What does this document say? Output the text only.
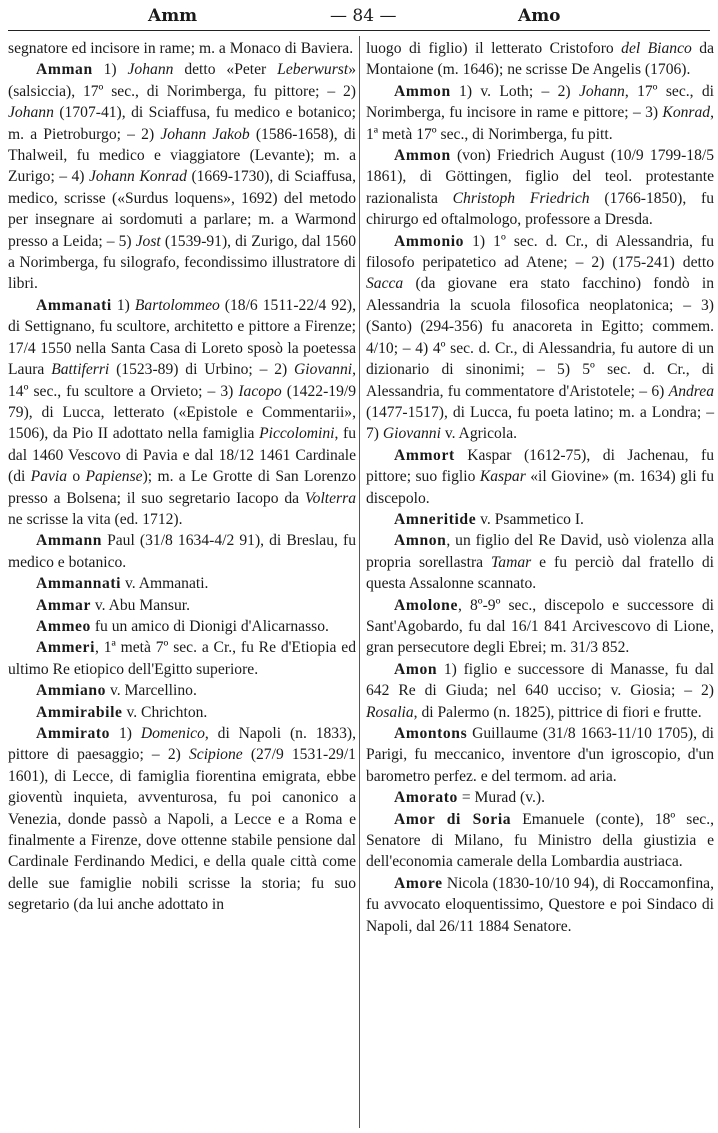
Amm	— 84 —	Amo

segnatore ed incisore in rame; m. a Monaco di Baviera.

Amman 1) Johann detto «Peter Leberwurst» (salsiccia), 17º sec., di Norimberga, fu pittore; – 2) Johann (1707-41), di Sciaffusa, fu medico e botanico; m. a Pietroburgo; – 2) Johann Jakob (1586-1658), di Thalweil, fu medico e viaggiatore (Levante); m. a Zurigo; – 4) Johann Konrad (1669-1730), di Sciaffusa, medico, scrisse («Surdus loquens», 1692) del metodo per insegnare ai sordomuti a parlare; m. a Warmond presso a Leida; – 5) Jost (1539-91), di Zurigo, dal 1560 a Norimberga, fu silografo, fecondissimo illustratore di libri.

Ammanati 1) Bartolommeo (18/6 1511-22/4 92), di Settignano, fu scultore, architetto e pittore a Firenze; 17/4 1550 nella Santa Casa di Loreto sposò la poetessa Laura Battiferri (1523-89) di Urbino; – 2) Giovanni, 14º sec., fu scultore a Orvieto; – 3) Iacopo (1422-19/9 79), di Lucca, letterato («Epistole e Commentarii», 1506), da Pio II adottato nella famiglia Piccolomini, fu dal 1460 Vescovo di Pavia e dal 18/12 1461 Cardinale (di Pavia o Papiense); m. a Le Grotte di San Lorenzo presso a Bolsena; il suo segretario Iacopo da Volterra ne scrisse la vita (ed. 1712).

Ammann Paul (31/8 1634-4/2 91), di Breslau, fu medico e botanico.

Ammannati v. Ammanati.

Ammar v. Abu Mansur.

Ammeo fu un amico di Dionigi d'Alicarnasso.

Ammeri, 1ª metà 7º sec. a Cr., fu Re d'Etiopia ed ultimo Re etiopico dell'Egitto superiore.

Ammiano v. Marcellino.

Ammirabile v. Chrichton.

Ammirato 1) Domenico, di Napoli (n. 1833), pittore di paesaggio; – 2) Scipione (27/9 1531-29/1 1601), di Lecce, di famiglia fiorentina emigrata, ebbe gioventù inquieta, avventurosa, fu poi canonico a Venezia, donde passò a Napoli, a Lecce e a Roma e finalmente a Firenze, dove ottenne stabile pensione dal Cardinale Ferdinando Medici, e della quale città come delle sue famiglie nobili scrisse la storia; fu suo segretario (da lui anche adottato in

luogo di figlio) il letterato Cristoforo del Bianco da Montaione (m. 1646); ne scrisse De Angelis (1706).

Ammon 1) v. Loth; – 2) Johann, 17º sec., di Norimberga, fu incisore in rame e pittore; – 3) Konrad, 1ª metà 17º sec., di Norimberga, fu pitt.

Ammon (von) Friedrich August (10/9 1799-18/5 1861), di Göttingen, figlio del teol. protestante razionalista Christoph Friedrich (1766-1850), fu chirurgo ed oftalmologo, professore a Dresda.

Ammonio 1) 1º sec. d. Cr., di Alessandria, fu filosofo peripatetico ad Atene; – 2) (175-241) detto Sacca (da giovane era stato facchino) fondò in Alessandria la scuola filosofica neoplatonica; – 3) (Santo) (294-356) fu anacoreta in Egitto; commem. 4/10; – 4) 4º sec. d. Cr., di Alessandria, fu autore di un dizionario di sinonimi; – 5) 5º sec. d. Cr., di Alessandria, fu commentatore d'Aristotele; – 6) Andrea (1477-1517), di Lucca, fu poeta latino; m. a Londra; – 7) Giovanni v. Agricola.

Ammort Kaspar (1612-75), di Jachenau, fu pittore; suo figlio Kaspar «il Giovine» (m. 1634) gli fu discepolo.

Amneritide v. Psammetico I.

Amnon, un figlio del Re David, usò violenza alla propria sorellastra Tamar e fu perciò dal fratello di questa Assalonne scannato.

Amolone, 8º-9º sec., discepolo e successore di Sant'Agobardo, fu dal 16/1 841 Arcivescovo di Lione, gran persecutore degli Ebrei; m. 31/3 852.

Amon 1) figlio e successore di Manasse, fu dal 642 Re di Giuda; nel 640 ucciso; v. Giosia; – 2) Rosalia, di Palermo (n. 1825), pittrice di fiori e frutte.

Amontons Guillaume (31/8 1663-11/10 1705), di Parigi, fu meccanico, inventore d'un igroscopio, d'un barometro perfez. e del termom. ad aria.

Amorato = Murad (v.).

Amor di Soria Emanuele (conte), 18º sec., Senatore di Milano, fu Ministro della giustizia e dell'economia camerale della Lombardia austriaca.

Amore Nicola (1830-10/10 94), di Roccamonfina, fu avvocato eloquentissimo, Questore e poi Sindaco di Napoli, dal 26/11 1884 Senatore.
